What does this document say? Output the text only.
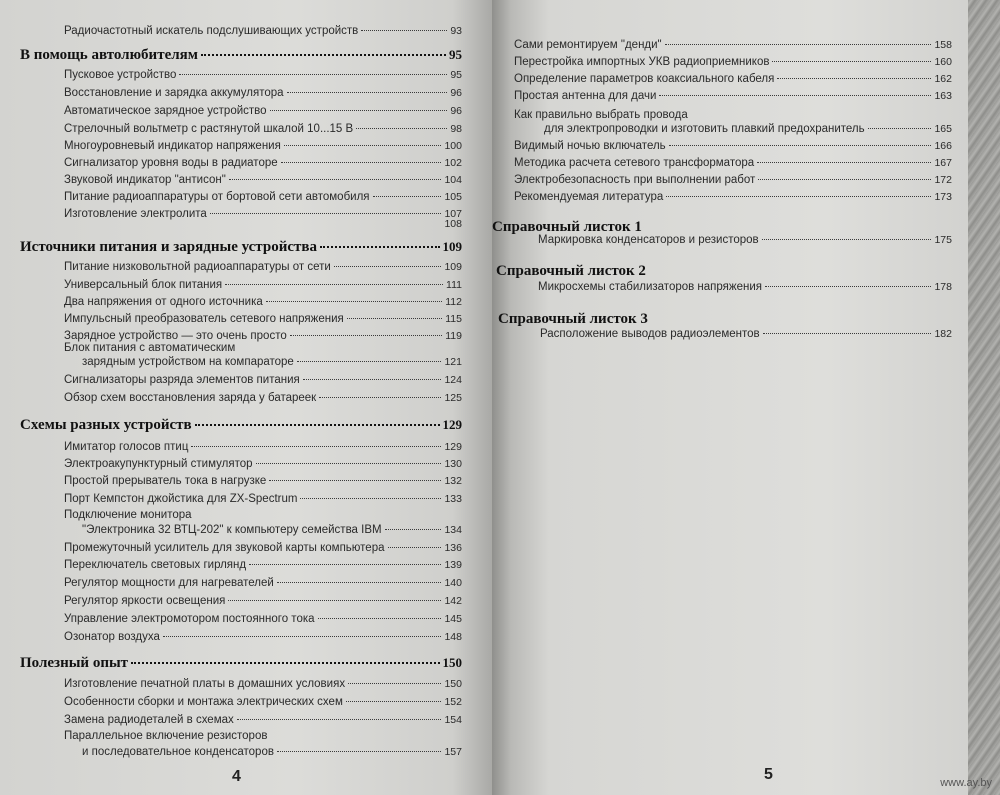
Радиочастотный искатель подслушивающих устройств	93
В помощь автолюбителям	95
Пусковое устройство	95
Восстановление и зарядка аккумулятора	96
Автоматическое зарядное устройство	96
Стрелочный вольтметр с растянутой шкалой 10...15 В	98
Многоуровневый индикатор напряжения	100
Сигнализатор уровня воды в радиаторе	102
Звуковой индикатор "антисон"	104
Питание радиоаппаратуры от бортовой сети автомобиля	105
Изготовление электролита	107
108
Источники питания и зарядные устройства	109
Питание низковольтной радиоаппаратуры от сети	109
Универсальный блок питания	111
Два напряжения от одного источника	112
Импульсный преобразователь сетевого напряжения	115
Зарядное устройство — это очень просто	119
Блок питания с автоматическим
зарядным устройством на компараторе	121
Сигнализаторы разряда элементов питания	124
Обзор схем восстановления заряда у батареек	125
Схемы разных устройств	129
Имитатор голосов птиц	129
Электроакупунктурный стимулятор	130
Простой прерыватель тока в нагрузке	132
Порт Кемпстон джойстика для ZX-Spectrum	133
Подключение монитора
"Электроника 32 ВТЦ-202" к компьютеру семейства IBM	134
Промежуточный усилитель для звуковой карты компьютера	136
Переключатель световых гирлянд	139
Регулятор мощности для нагревателей	140
Регулятор яркости освещения	142
Управление электромотором постоянного тока	145
Озонатор воздуха	148
Полезный опыт	150
Изготовление печатной платы в домашних условиях	150
Особенности сборки и монтажа электрических схем	152
Замена радиодеталей в схемах	154
Параллельное включение резисторов
и последовательное конденсаторов	157
4
Сами ремонтируем "денди"	158
Перестройка импортных УКВ радиоприемников	160
Определение параметров коаксиального кабеля	162
Простая антенна для дачи	163
Как правильно выбрать провода
для электропроводки и изготовить плавкий предохранитель	165
Видимый ночью включатель	166
Методика расчета сетевого трансформатора	167
Электробезопасность при выполнении работ	172
Рекомендуемая литература	173
Справочный листок 1
Маркировка конденсаторов и резисторов	175
Справочный листок 2
Микросхемы стабилизаторов напряжения	178
Справочный листок 3
Расположение выводов радиоэлементов	182
5	www.ay.by
